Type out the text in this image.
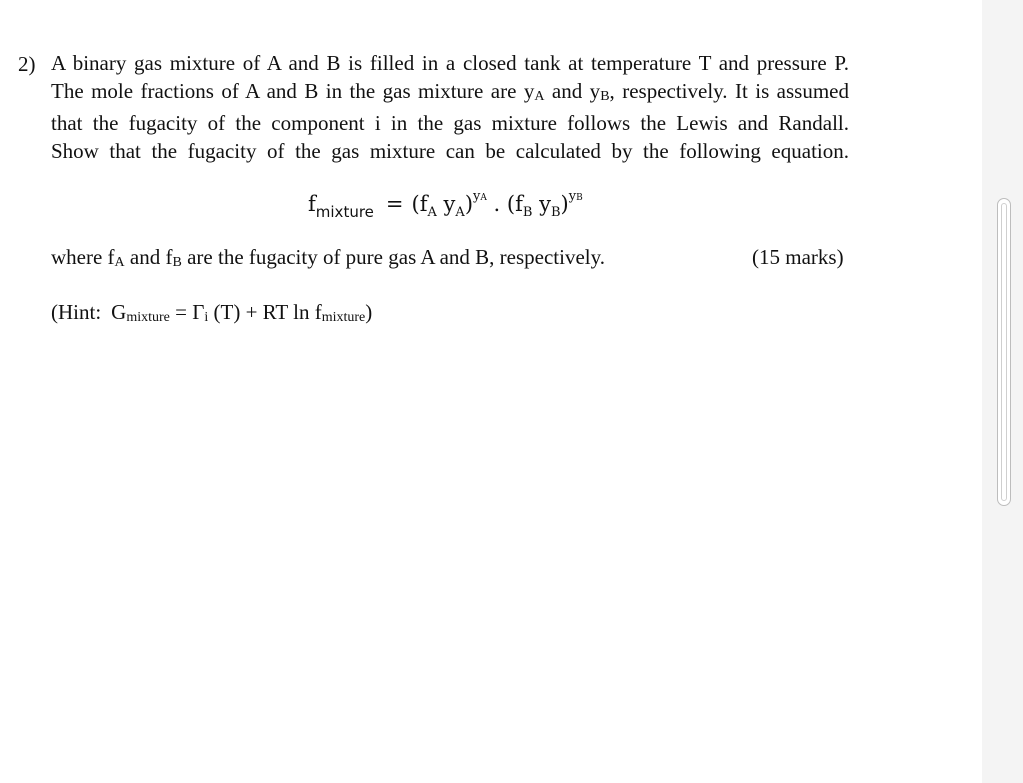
2) A binary gas mixture of A and B is filled in a closed tank at temperature T and pressure P.
The mole fractions of A and B in the gas mixture are $y_A$ and $y_B$, respectively. It is assumed
that the fugacity of the component i in the gas mixture follows the Lewis and Randall.
Show that the fugacity of the gas mixture can be calculated by the following equation.
$f_{mixture} = (f_A$ $y_A)^{yA}$ . ($f_B$ $y_B)^{yB}$
where $f_A$ and $f_B$ are the fugacity of pure gas A and B, respectively.	(15 marks)
(Hint: $G_{mixture} = \Gamma_i$ (T) + RT $\ln f_{mixture}$)
